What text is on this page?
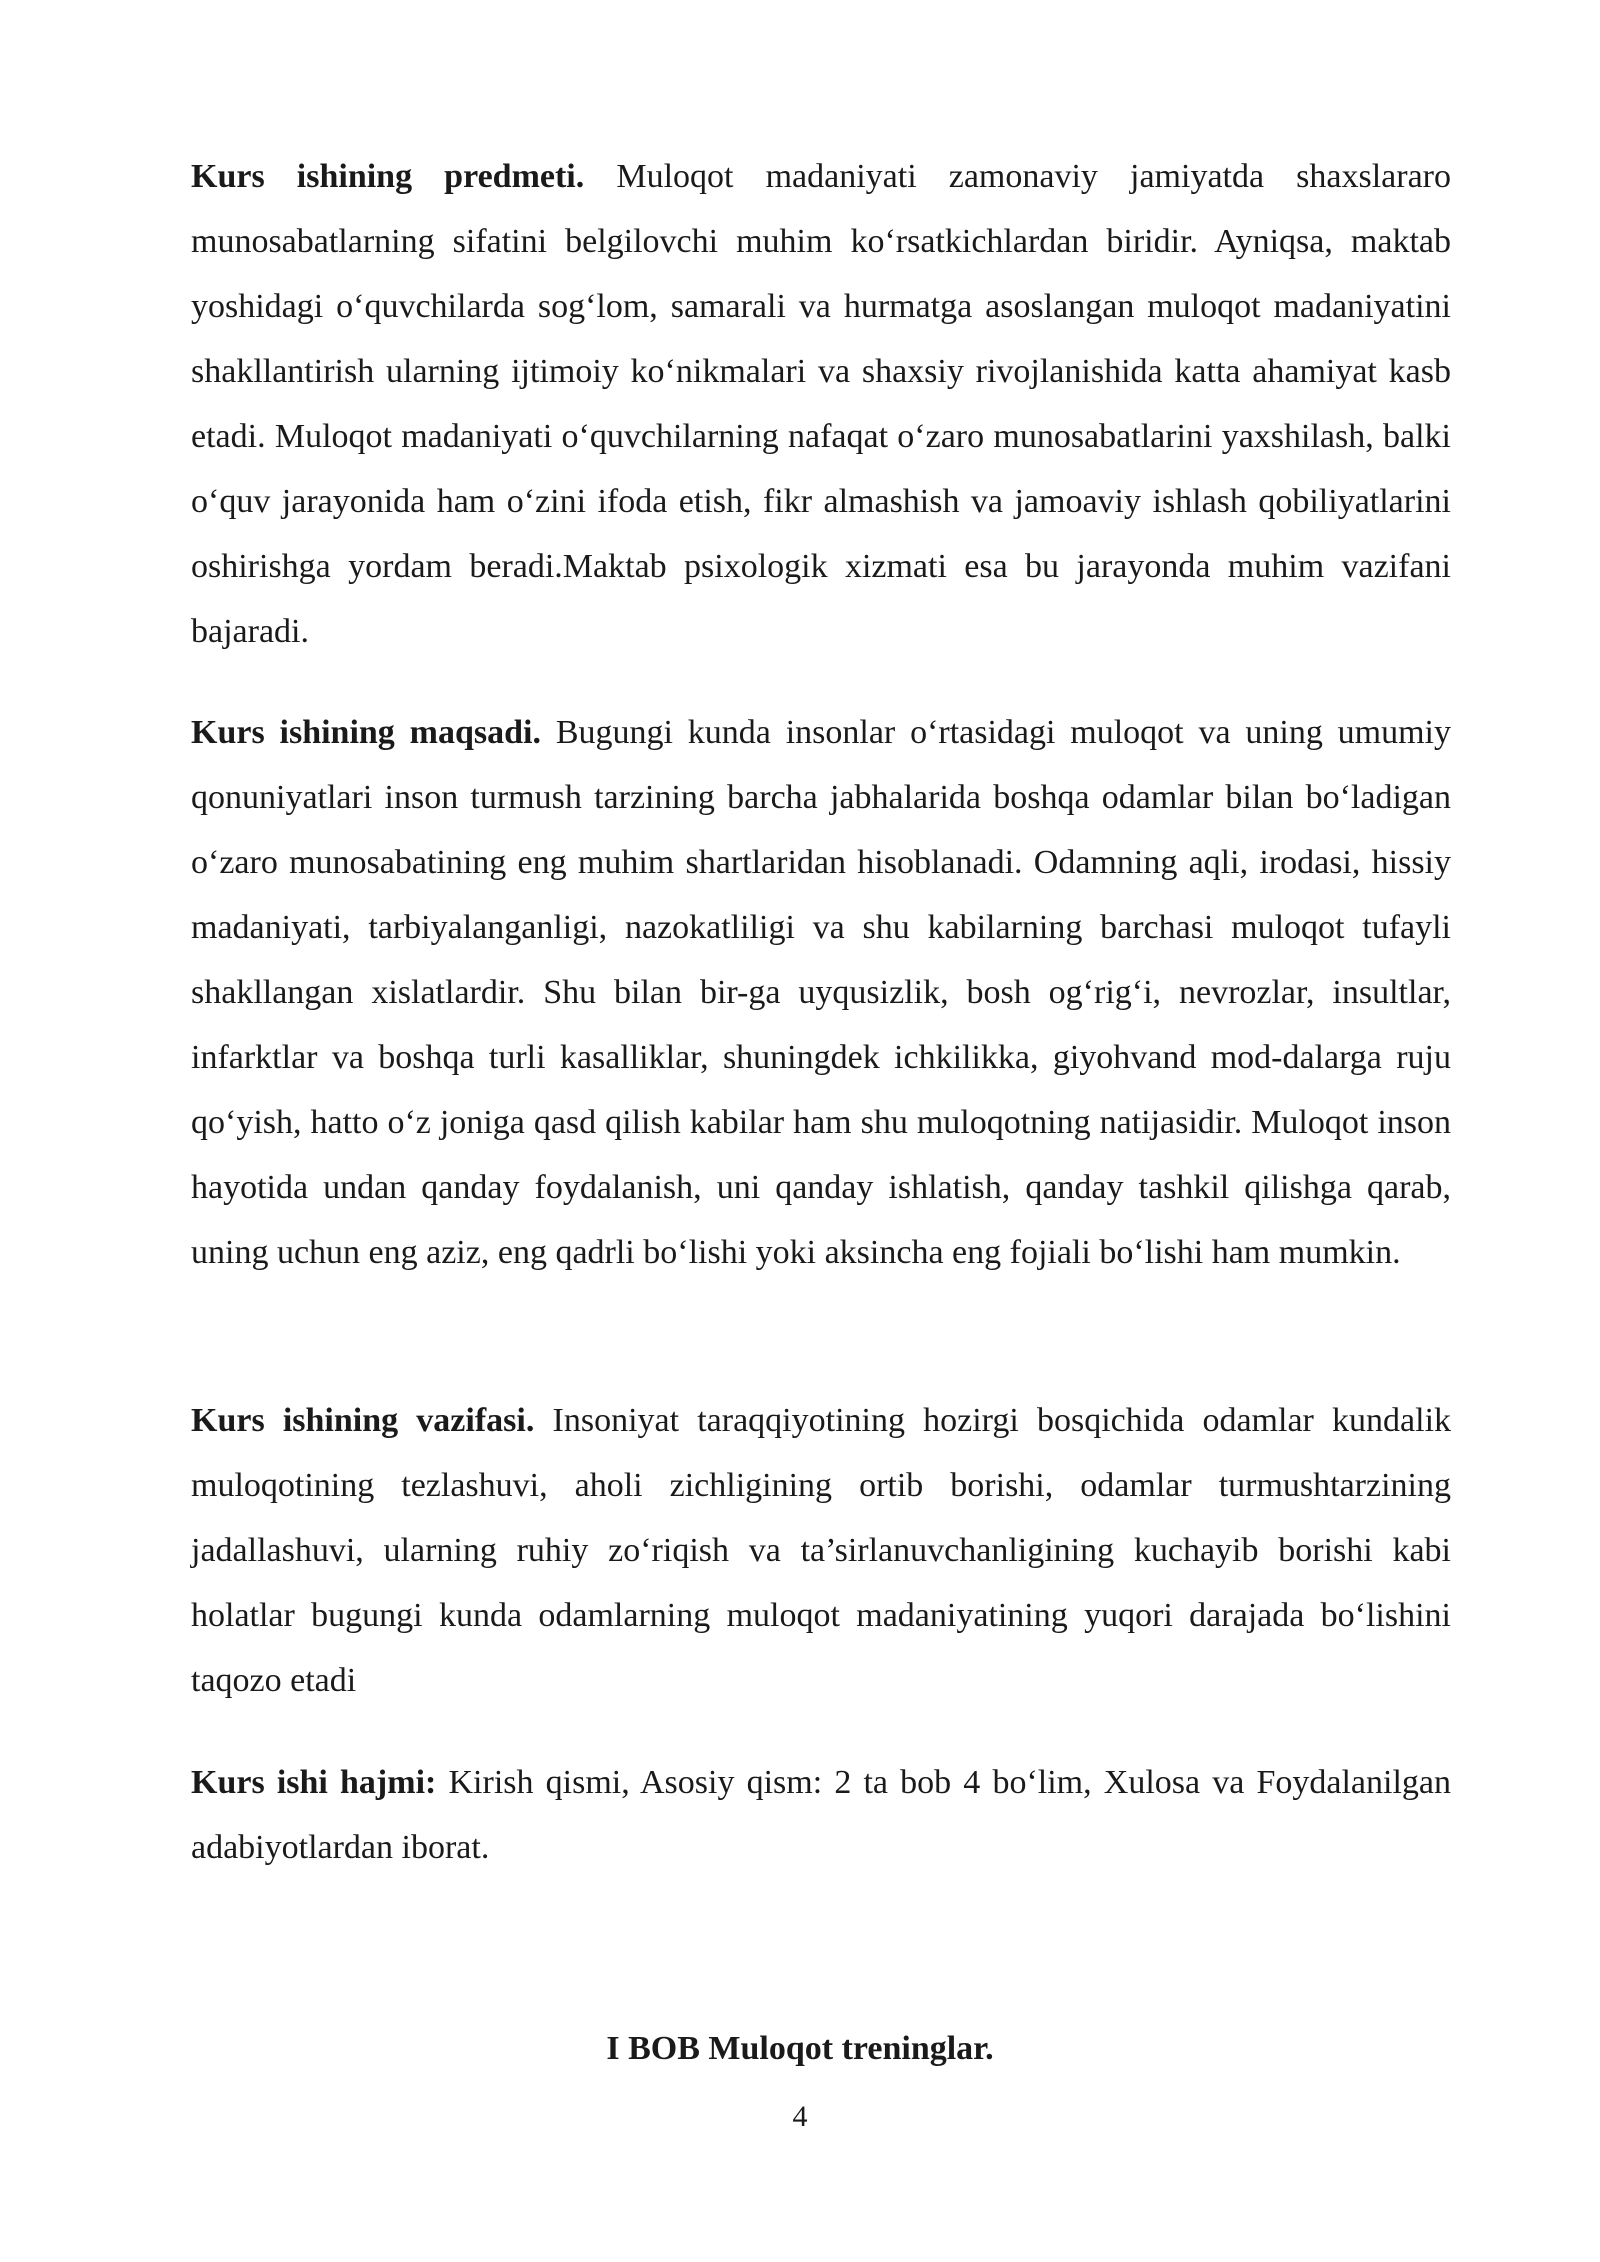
Kurs ishining predmeti. Muloqot madaniyati zamonaviy jamiyatda shaxslararo munosabatlarning sifatini belgilovchi muhim ko‘rsatkichlardan biridir. Ayniqsa, maktab yoshidagi o‘quvchilarda sog‘lom, samarali va hurmatga asoslangan muloqot madaniyatini shakllantirish ularning ijtimoiy ko‘nikmalari va shaxsiy rivojlanishida katta ahamiyat kasb etadi. Muloqot madaniyati o‘quvchilarning nafaqat o‘zaro munosabatlarini yaxshilash, balki o‘quv jarayonida ham o‘zini ifoda etish, fikr almashish va jamoaviy ishlash qobiliyatlarini oshirishga yordam beradi.Maktab psixologik xizmati esa bu jarayonda muhim vazifani bajaradi.

Kurs ishining maqsadi. Bugungi kunda insonlar o‘rtasidagi muloqot va uning umumiy qonuniyatlari inson turmush tarzining barcha jabhalarida boshqa odamlar bilan bo‘ladigan o‘zaro munosabatining eng muhim shartlaridan hisoblanadi. Odamning aqli, irodasi, hissiy madaniyati, tarbiyalanganligi, nazokatliligi va shu kabilarning barchasi muloqot tufayli shakllangan xislatlardir. Shu bilan bir-ga uyqusizlik, bosh og‘rig‘i, nevrozlar, insultlar, infarktlar va boshqa turli kasalliklar, shuningdek ichkilikka, giyohvand mod-dalarga ruju qo‘yish, hatto o‘z joniga qasd qilish kabilar ham shu muloqotning natijasidir. Muloqot inson hayotida undan qanday foydalanish, uni qanday ishlatish, qanday tashkil qilishga qarab, uning uchun eng aziz, eng qadrli bo‘lishi yoki aksincha eng fojiali bo‘lishi ham mumkin.

Kurs ishining vazifasi. Insoniyat taraqqiyotining hozirgi bosqichida odamlar kundalik muloqotining tezlashuvi, aholi zichligining ortib borishi, odamlar turmushtarzining jadallashuvi, ularning ruhiy zo‘riqish va ta’sirlanuvchanligining kuchayib borishi kabi holatlar bugungi kunda odamlarning muloqot madaniyatining yuqori darajada bo‘lishini taqozo etadi

Kurs ishi hajmi: Kirish qismi, Asosiy qism: 2 ta bob 4 bo‘lim, Xulosa va Foydalanilgan adabiyotlardan iborat.

I BOB Muloqot treninglar.
4
